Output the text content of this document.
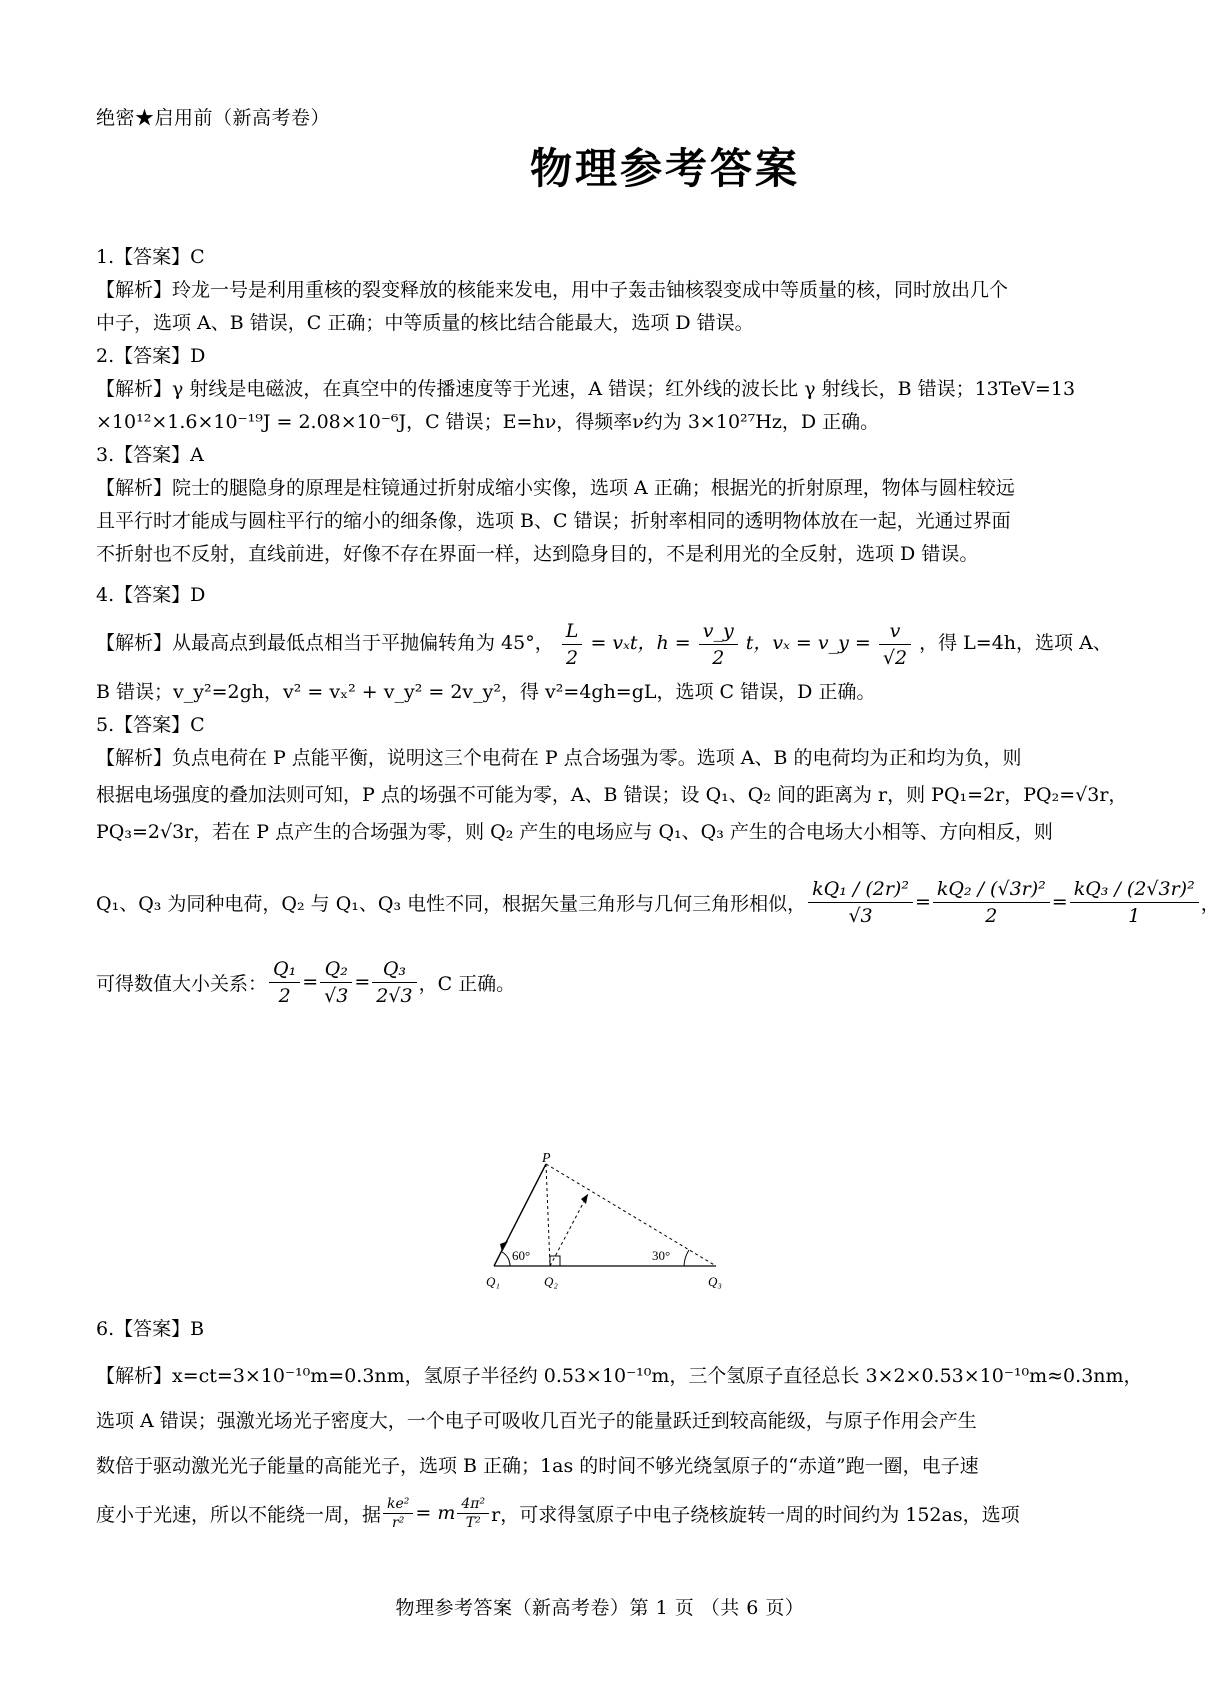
绝密★启用前（新高考卷）
物理参考答案
1.【答案】C
【解析】玲龙一号是利用重核的裂变释放的核能来发电，用中子轰击铀核裂变成中等质量的核，同时放出几个
中子，选项 A、B 错误，C 正确；中等质量的核比结合能最大，选项 D 错误。
2.【答案】D
【解析】γ 射线是电磁波，在真空中的传播速度等于光速，A 错误；红外线的波长比 γ 射线长，B 错误；13TeV=13
×10¹²×1.6×10⁻¹⁹J = 2.08×10⁻⁶J，C 错误；E=hν，得频率ν约为 3×10²⁷Hz，D 正确。
3.【答案】A
【解析】院士的腿隐身的原理是柱镜通过折射成缩小实像，选项 A 正确；根据光的折射原理，物体与圆柱较远
且平行时才能成与圆柱平行的缩小的细条像，选项 B、C 错误；折射率相同的透明物体放在一起，光通过界面
不折射也不反射，直线前进，好像不存在界面一样，达到隐身目的，不是利用光的全反射，选项 D 错误。
4.【答案】D
【解析】从最高点到最低点相当于平抛偏转角为 45°， $\frac{L}{2} = v_xt$，$h = \frac{v\_y}{2}$ t，vₓ = v_y = $\frac{v}{√2}$ ，得 L=4h，选项 A、
B 错误；v_y²=2gh，v² = vₓ² + v_y² = 2v_y²，得 v²=4gh=gL，选项 C 错误，D 正确。
5.【答案】C
【解析】负点电荷在 P 点能平衡，说明这三个电荷在 P 点合场强为零。选项 A、B 的电荷均为正和均为负，则
根据电场强度的叠加法则可知，P 点的场强不可能为零，A、B 错误；设 Q₁、Q₂ 间的距离为 r，则 PQ₁=2r，PQ₂=√3r，
PQ₃=2√3r，若在 P 点产生的合场强为零，则 Q₂ 产生的电场应与 Q₁、Q₃ 产生的合电场大小相等、方向相反，则
Q₁、Q₃ 为同种电荷，Q₂ 与 Q₁、Q₃ 电性不同，根据矢量三角形与几何三角形相似， $\frac{\text{kQ₁ / (2r)²}}{√3} = \frac{\text{kQ₂ / (√3r)²}}{2} = \frac{\text{kQ₃ / (2√3r)²}}{1}$ ，
可得数值大小关系： $\frac{\text{Q₁}}{2} = \frac{\text{Q₂}}{√3} = \frac{\text{Q₃}}{2√3}$ ，C 正确。
P
60°	30°
Q₁	Q₂	Q₃
6.【答案】B
【解析】x=ct=3×10⁻¹⁰m=0.3nm，氢原子半径约 0.53×10⁻¹⁰m，三个氢原子直径总长 3×2×0.53×10⁻¹⁰m≈0.3nm，
选项 A 错误；强激光场光子密度大，一个电子可吸收几百光子的能量跃迁到较高能级，与原子作用会产生
数倍于驱动激光光子能量的高能光子，选项 B 正确；1as 的时间不够光绕氢原子的“赤道”跑一圈，电子速
度小于光速，所以不能绕一周，据 $\frac{\text{ke²}}{\text{r²}} = m \frac{\text{4π²}}{\text{T²}}$ r，可求得氢原子中电子绕核旋转一周的时间约为 152as，选项
物理参考答案（新高考卷）第 1 页 （共 6 页）
